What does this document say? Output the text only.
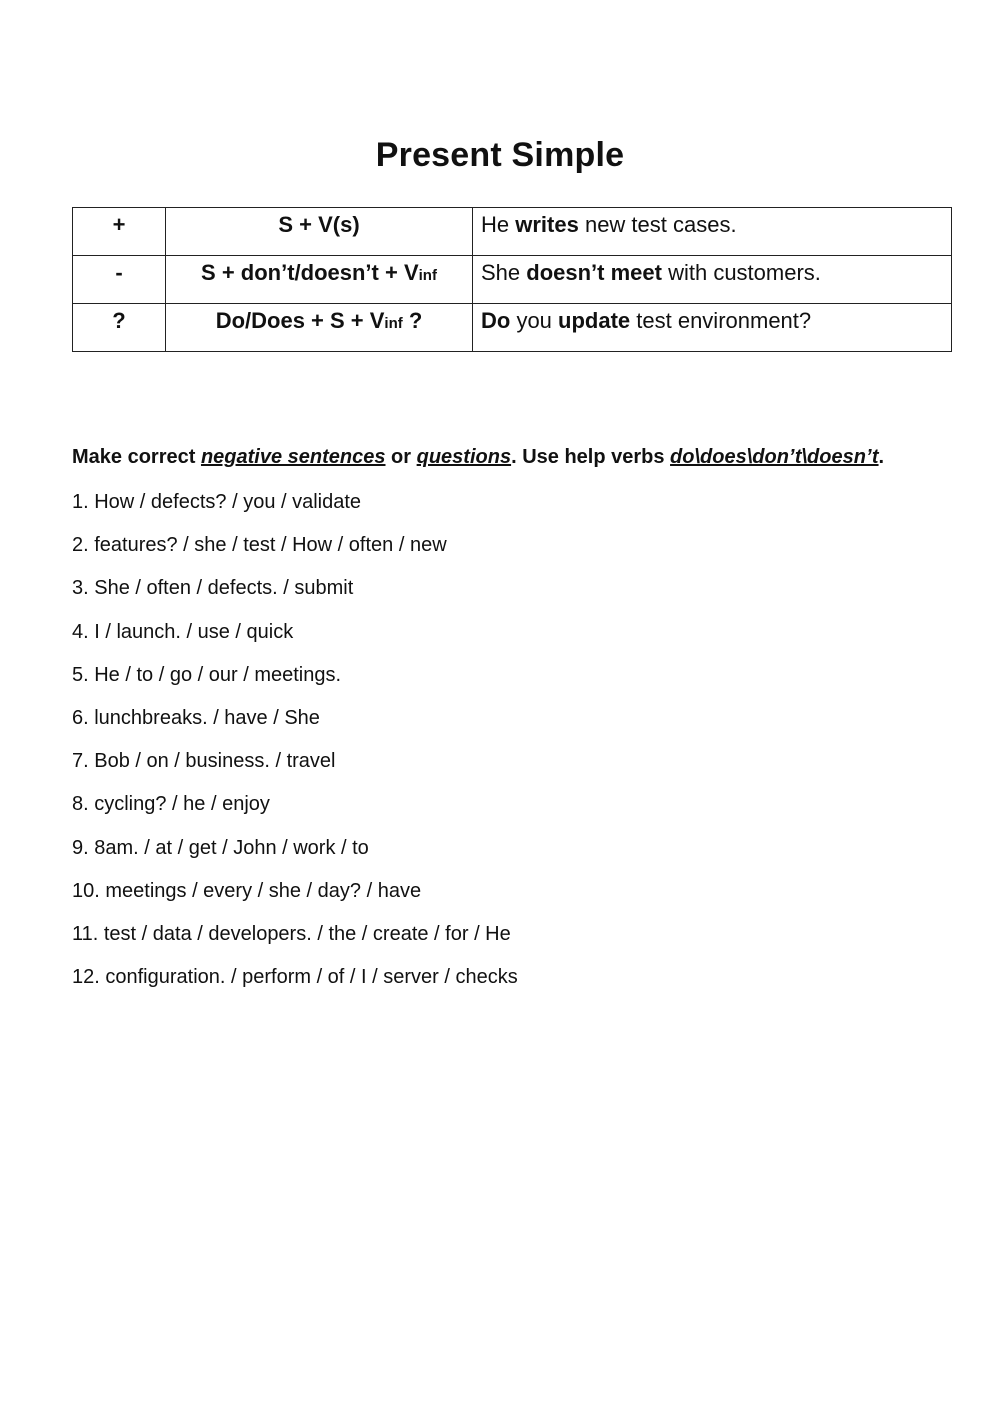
Present Simple
+	S + V(s)	He writes new test cases.
-	S + don’t/doesn’t + Vinf	She doesn’t meet with customers.
?	Do/Does + S + Vinf ?	Do you update test environment?
Make correct negative sentences or questions. Use help verbs do\does\don’t\doesn’t.
1. How / defects? / you / validate
2. features? / she / test / How / often / new
3. She / often / defects. / submit
4. I / launch. / use / quick
5. He / to / go / our / meetings.
6. lunchbreaks. / have / She
7. Bob / on / business. / travel
8. cycling? / he / enjoy
9. 8am. / at / get / John / work / to
10. meetings / every / she / day? / have
11. test / data / developers. / the / create / for / He
12. configuration. / perform / of / I / server / checks
